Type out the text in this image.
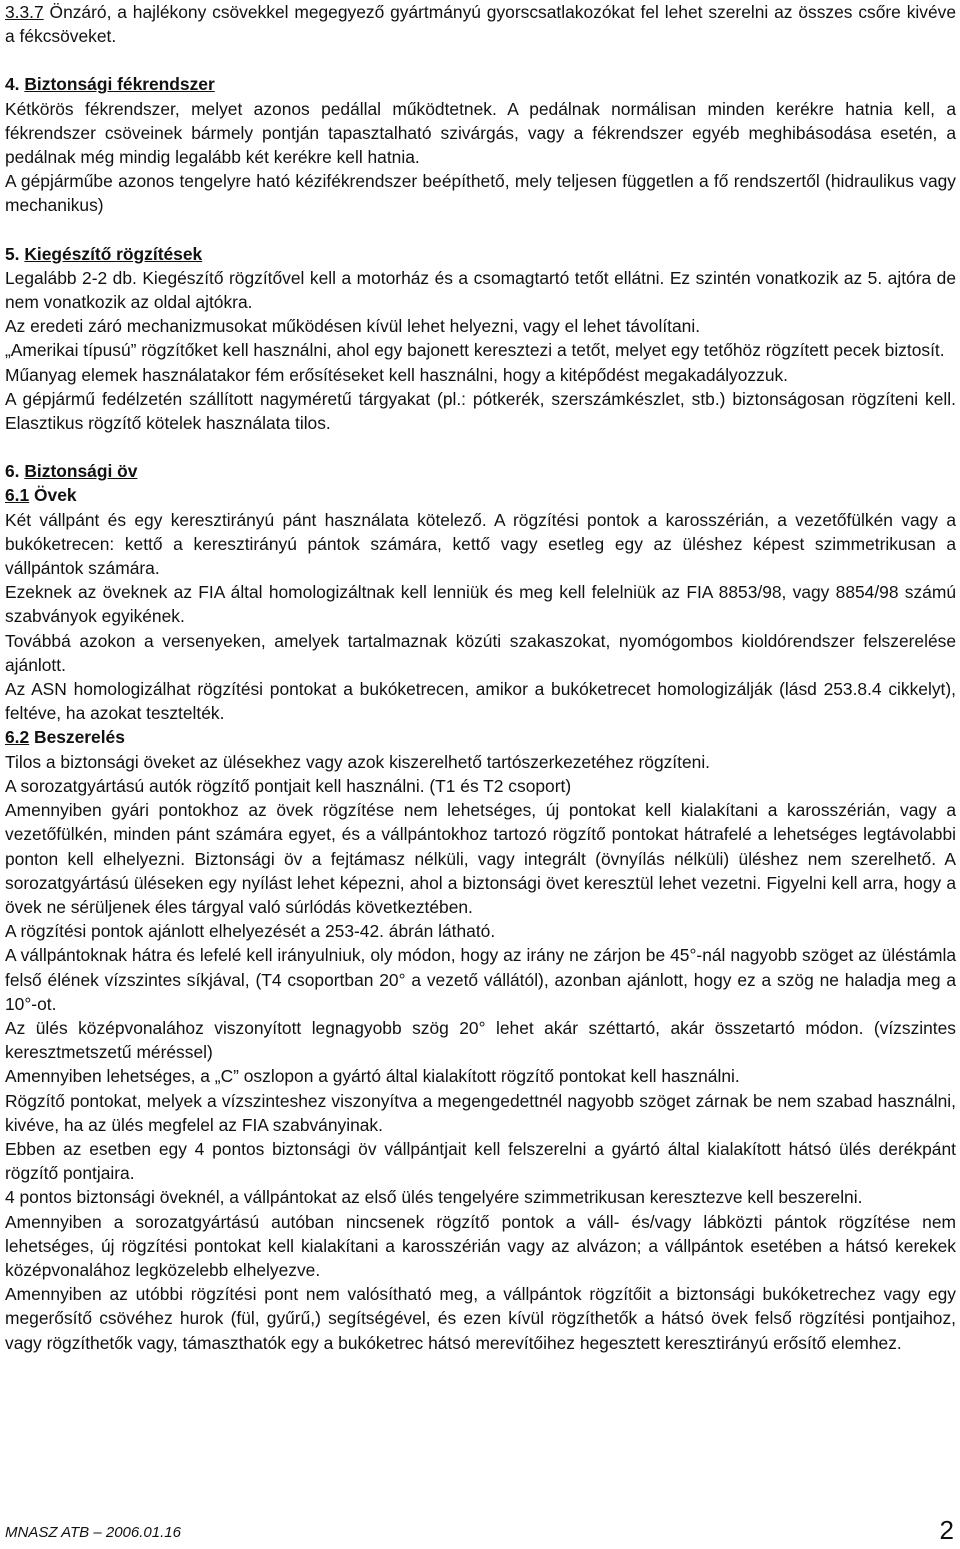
3.3.7 Önzáró, a hajlékony csövekkel megegyező gyártmányú gyorscsatlakozókat fel lehet szerelni az összes csőre kivéve a fékcsöveket.

4. Biztonsági fékrendszer

Kétkörös fékrendszer, melyet azonos pedállal működtetnek. A pedálnak normálisan minden kerékre hatnia kell, a fékrendszer csöveinek bármely pontján tapasztalható szivárgás, vagy a fékrendszer egyéb meghibásodása esetén, a pedálnak még mindig legalább két kerékre kell hatnia.

A gépjárműbe azonos tengelyre ható kézifékrendszer beépíthető, mely teljesen független a fő rendszertől (hidraulikus vagy mechanikus)

5. Kiegészítő rögzítések

Legalább 2-2 db. Kiegészítő rögzítővel kell a motorház és a csomagtartó tetőt ellátni. Ez szintén vonatkozik az 5. ajtóra de nem vonatkozik az oldal ajtókra.

Az eredeti záró mechanizmusokat működésen kívül lehet helyezni, vagy el lehet távolítani.

„Amerikai típusú” rögzítőket kell használni, ahol egy bajonett keresztezi a tetőt, melyet egy tetőhöz rögzített pecek biztosít.

Műanyag elemek használatakor fém erősítéseket kell használni, hogy a kitépődést megakadályozzuk.

A gépjármű fedélzetén szállított nagyméretű tárgyakat (pl.: pótkerék, szerszámkészlet, stb.) biztonságosan rögzíteni kell. Elasztikus rögzítő kötelek használata tilos.

6. Biztonsági öv

6.1 Övek

Két vállpánt és egy keresztirányú pánt használata kötelező. A rögzítési pontok a karosszérián, a vezetőfülkén vagy a bukóketrecen: kettő a keresztirányú pántok számára, kettő vagy esetleg egy az üléshez képest szimmetrikusan a vállpántok számára.

Ezeknek az öveknek az FIA által homologizáltnak kell lenniük és meg kell felelniük az FIA 8853/98, vagy 8854/98 számú szabványok egyikének.

Továbbá azokon a versenyeken, amelyek tartalmaznak közúti szakaszokat, nyomógombos kioldórendszer felszerelése ajánlott.

Az ASN homologizálhat rögzítési pontokat a bukóketrecen, amikor a bukóketrecet homologizálják (lásd 253.8.4 cikkelyt), feltéve, ha azokat tesztelték.

6.2 Beszerelés

Tilos a biztonsági öveket az ülésekhez vagy azok kiszerelhető tartószerkezetéhez rögzíteni.

A sorozatgyártású autók rögzítő pontjait kell használni. (T1 és T2 csoport)

Amennyiben gyári pontokhoz az övek rögzítése nem lehetséges, új pontokat kell kialakítani a karosszérián, vagy a vezetőfülkén, minden pánt számára egyet, és a vállpántokhoz tartozó rögzítő pontokat hátrafelé a lehetséges legtávolabbi ponton kell elhelyezni. Biztonsági öv a fejtámasz nélküli, vagy integrált (övnyílás nélküli) üléshez nem szerelhető. A sorozatgyártású üléseken egy nyílást lehet képezni, ahol a biztonsági övet keresztül lehet vezetni. Figyelni kell arra, hogy a övek ne sérüljenek éles tárgyal való súrlódás következtében.

A rögzítési pontok ajánlott elhelyezését a 253-42. ábrán látható.

A vállpántoknak hátra és lefelé kell irányulniuk, oly módon, hogy az irány ne zárjon be 45°-nál nagyobb szöget az üléstámla felső élének vízszintes síkjával, (T4 csoportban 20° a vezető vállától), azonban ajánlott, hogy ez a szög ne haladja meg a 10°-ot.

Az ülés középvonalához viszonyított legnagyobb szög 20° lehet akár széttartó, akár összetartó módon. (vízszintes keresztmetszetű méréssel)

Amennyiben lehetséges, a „C” oszlopon a gyártó által kialakított rögzítő pontokat kell használni.

Rögzítő pontokat, melyek a vízszinteshez viszonyítva a megengedettnél nagyobb szöget zárnak be nem szabad használni, kivéve, ha az ülés megfelel az FIA szabványinak.

Ebben az esetben egy 4 pontos biztonsági öv vállpántjait kell felszerelni a gyártó által kialakított hátsó ülés derékpánt rögzítő pontjaira.

4 pontos biztonsági öveknél, a vállpántokat az első ülés tengelyére szimmetrikusan keresztezve kell beszerelni.

Amennyiben a sorozatgyártású autóban nincsenek rögzítő pontok a váll- és/vagy lábközti pántok rögzítése nem lehetséges, új rögzítési pontokat kell kialakítani a karosszérián vagy az alvázon; a vállpántok esetében a hátsó kerekek középvonalához legközelebb elhelyezve.

Amennyiben az utóbbi rögzítési pont nem valósítható meg, a vállpántok rögzítőit a biztonsági bukóketrechez vagy egy megerősítő csövéhez hurok (fül, gyűrű,) segítségével, és ezen kívül rögzíthetők a hátsó övek felső rögzítési pontjaihoz, vagy rögzíthetők vagy, támaszthatók egy a bukóketrec hátsó merevítőihez hegesztett keresztirányú erősítő elemhez.

MNASZ ATB – 2006.01.16	2
